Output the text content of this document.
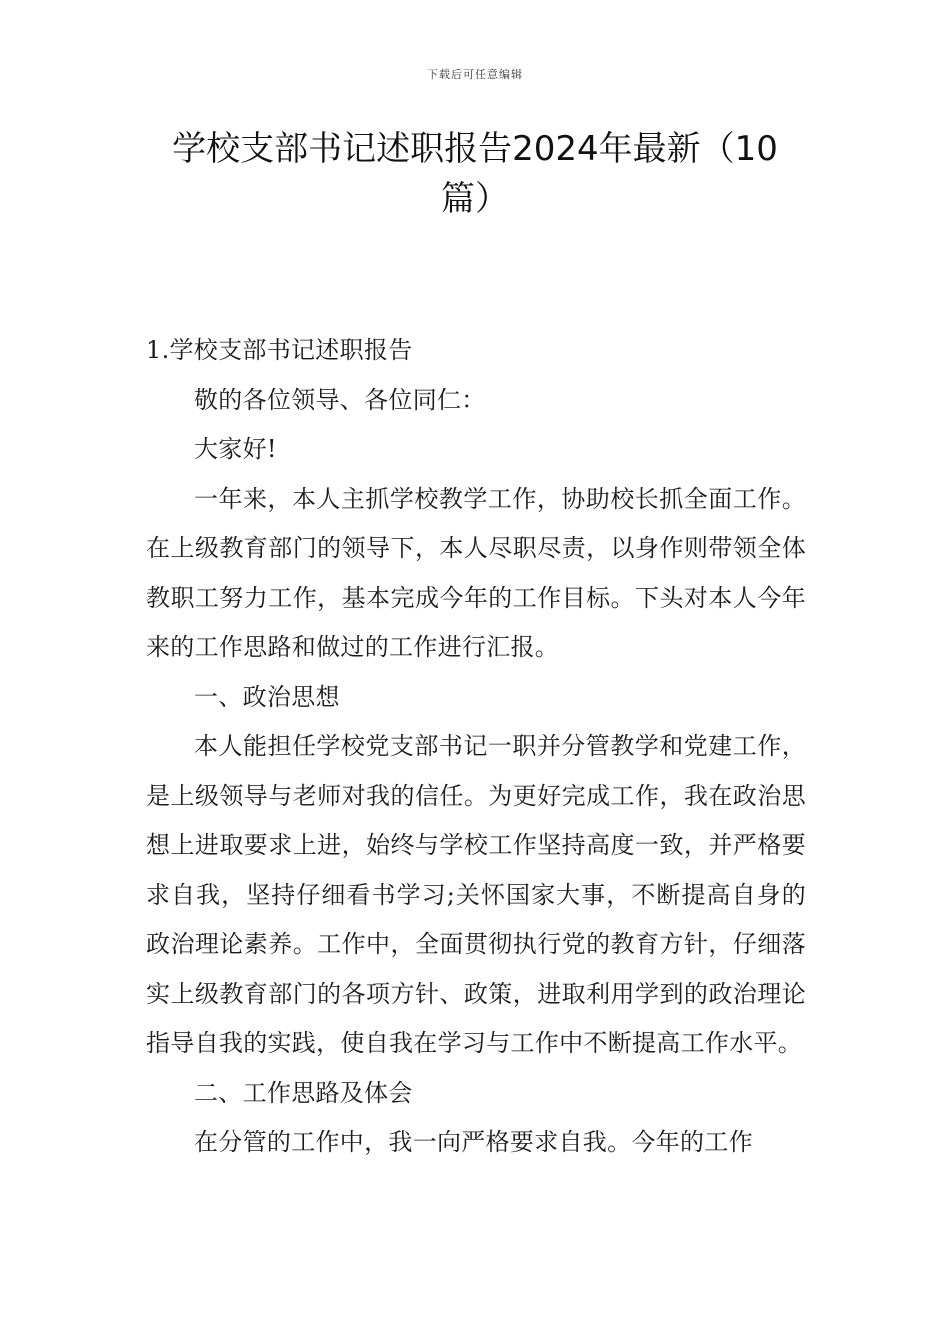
下载后可任意编辑
学校支部书记述职报告2024年最新（10篇）

1.学校支部书记述职报告

敬的各位领导、各位同仁：

大家好!

一年来，本人主抓学校教学工作，协助校长抓全面工作。在上级教育部门的领导下，本人尽职尽责，以身作则带领全体教职工努力工作，基本完成今年的工作目标。下头对本人今年来的工作思路和做过的工作进行汇报。

一、政治思想

本人能担任学校党支部书记一职并分管教学和党建工作，是上级领导与老师对我的信任。为更好完成工作，我在政治思想上进取要求上进，始终与学校工作坚持高度一致，并严格要求自我，坚持仔细看书学习;关怀国家大事，不断提高自身的政治理论素养。工作中，全面贯彻执行党的教育方针，仔细落实上级教育部门的各项方针、政策，进取利用学到的政治理论指导自我的实践，使自我在学习与工作中不断提高工作水平。

二、工作思路及体会

在分管的工作中，我一向严格要求自我。今年的工作
